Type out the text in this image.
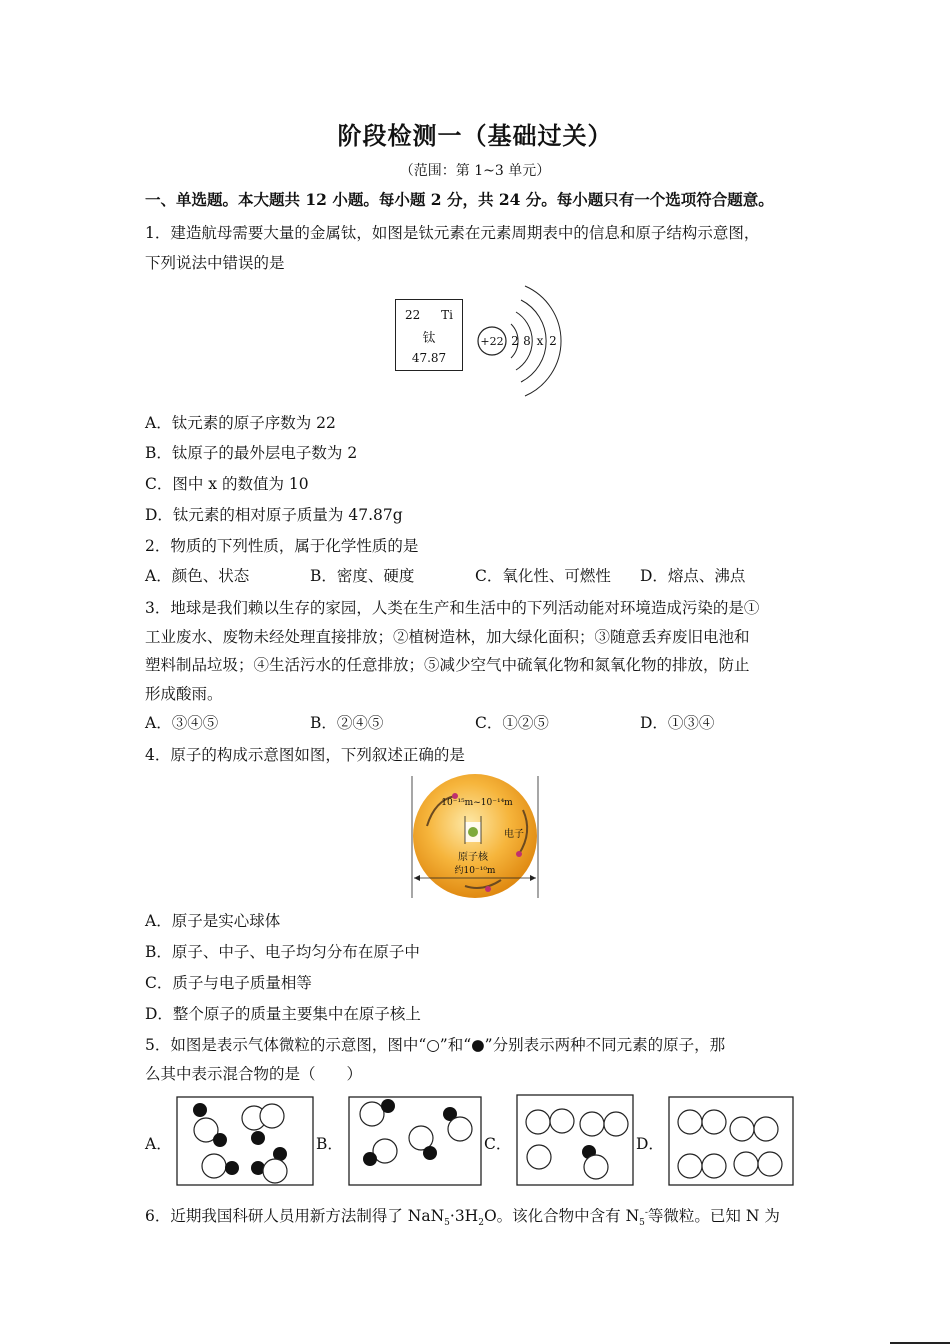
阶段检测一（基础过关）
（范围：第 1~3 单元）
一、单选题。本大题共 12 小题。每小题 2 分，共 24 分。每小题只有一个选项符合题意。
1．建造航母需要大量的金属钛，如图是钛元素在元素周期表中的信息和原子结构示意图，
下列说法中错误的是
22 Ti
钛
47.87
+22 2 8 x 2
A．钛元素的原子序数为 22
B．钛原子的最外层电子数为 2
C．图中 x 的数值为 10
D．钛元素的相对原子质量为 47.87g
2．物质的下列性质，属于化学性质的是
A．颜色、状态	B．密度、硬度	C．氧化性、可燃性 D．熔点、沸点
3．地球是我们赖以生存的家园，人类在生产和生活中的下列活动能对环境造成污染的是①
工业废水、废物未经处理直接排放；②植树造林，加大绿化面积；③随意丢弃废旧电池和
塑料制品垃圾；④生活污水的任意排放；⑤减少空气中硫氧化物和氮氧化物的排放，防止
形成酸雨。
A．③④⑤	B．②④⑤	C．①②⑤	D．①③④
4．原子的构成示意图如图，下列叙述正确的是
10⁻¹⁵m~10⁻¹⁴m
电子
原子核
约10⁻¹⁰m
A．原子是实心球体
B．原子、中子、电子均匀分布在原子中
C．质子与电子质量相等
D．整个原子的质量主要集中在原子核上
5．如图是表示气体微粒的示意图，图中“○”和“●”分别表示两种不同元素的原子，那
么其中表示混合物的是（　　）
A．	B．	C．	D．
6．近期我国科研人员用新方法制得了 $NaN_5\cdot 3H_2O$。该化合物中含有 $N_5^-$等微粒。已知 N 为
